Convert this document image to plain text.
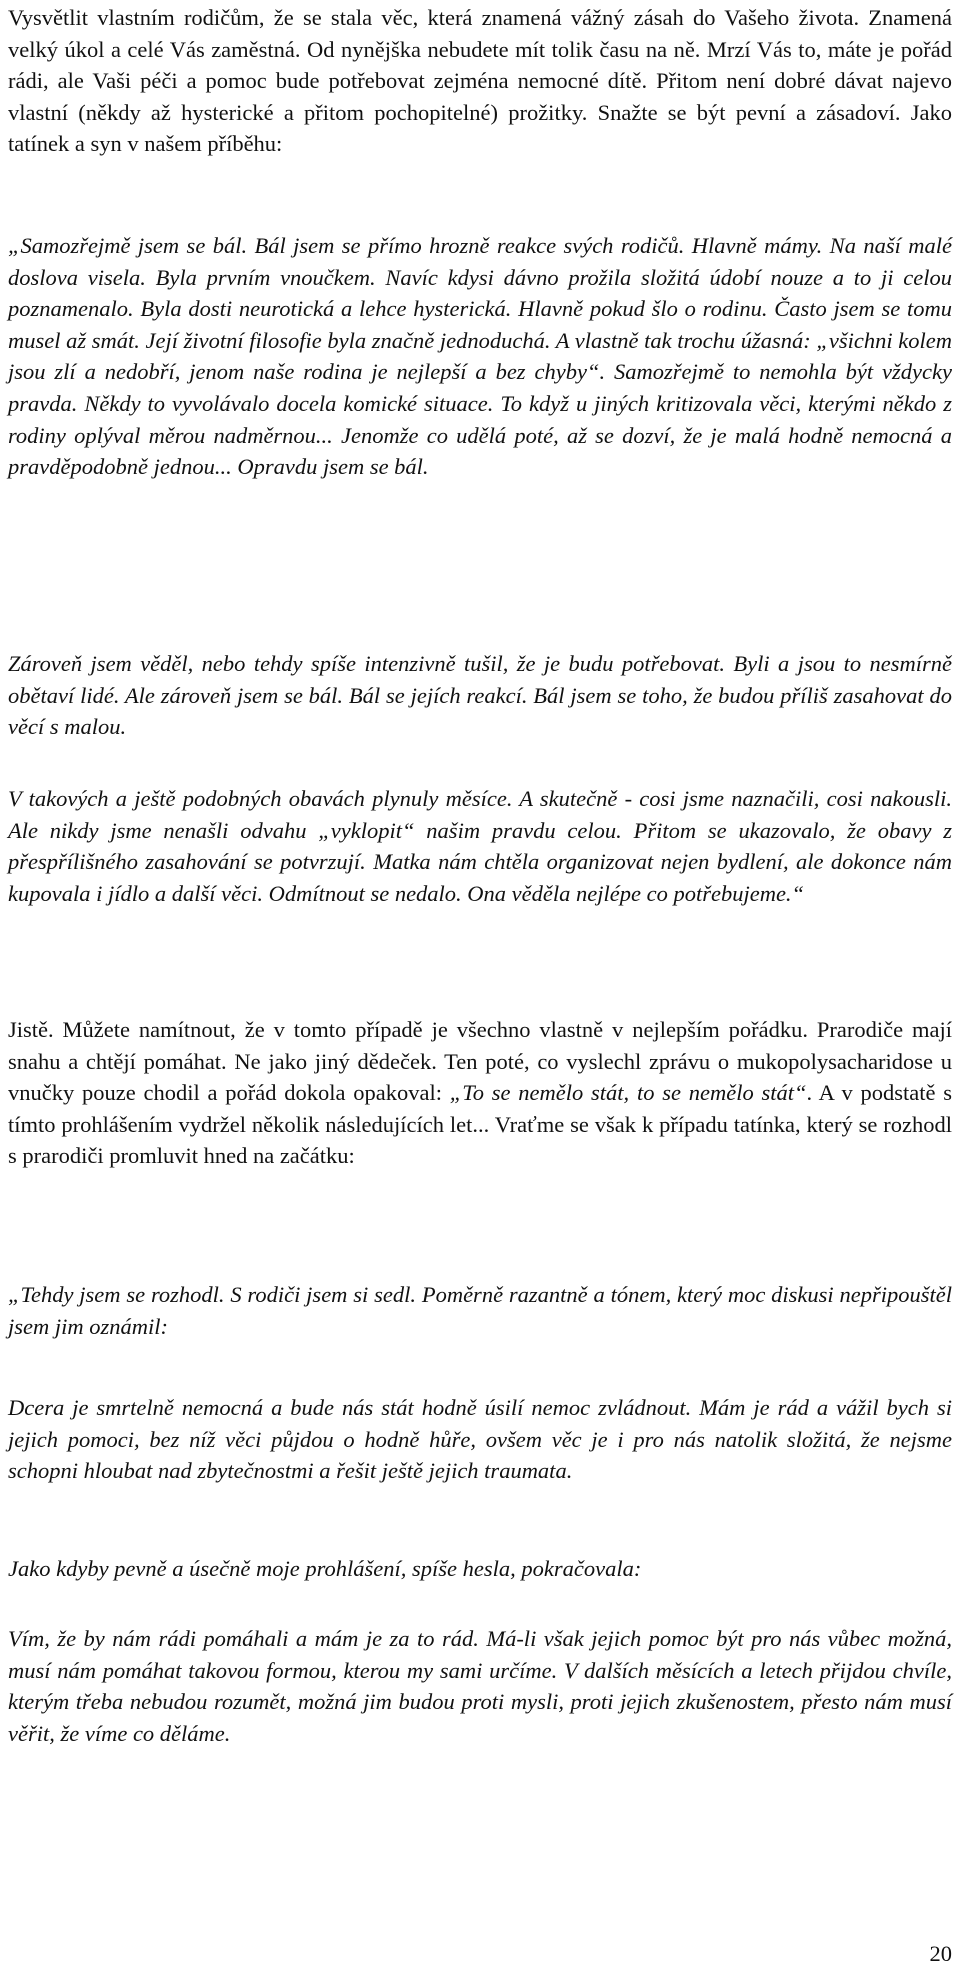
Vysvětlit vlastním rodičům, že se stala věc, která znamená vážný zásah do Vašeho života. Znamená velký úkol a celé Vás zaměstná. Od nynějška nebudete mít tolik času na ně. Mrzí Vás to, máte je pořád rádi, ale Vaši péči a pomoc bude potřebovat zejména nemocné dítě. Přitom není dobré dávat najevo vlastní (někdy až hysterické a přitom pochopitelné) prožitky. Snažte se být pevní a zásadoví. Jako tatínek a syn v našem příběhu:

„Samozřejmě jsem se bál. Bál jsem se přímo hrozně reakce svých rodičů. Hlavně mámy. Na naší malé doslova visela. Byla prvním vnoučkem. Navíc kdysi dávno prožila složitá údobí nouze a to ji celou poznamenalo. Byla dosti neurotická a lehce hysterická. Hlavně pokud šlo o rodinu. Často jsem se tomu musel až smát. Její životní filosofie byla značně jednoduchá. A vlastně tak trochu úžasná: „všichni kolem jsou zlí a nedobří, jenom naše rodina je nejlepší a bez chyby“. Samozřejmě to nemohla být vždycky pravda. Někdy to vyvolávalo docela komické situace. To když u jiných kritizovala věci, kterými někdo z rodiny oplýval měrou nadměrnou... Jenomže co udělá poté, až se dozví, že je malá hodně nemocná a pravděpodobně jednou... Opravdu jsem se bál.

Zároveň jsem věděl, nebo tehdy spíše intenzivně tušil, že je budu potřebovat. Byli a jsou to nesmírně obětaví lidé. Ale zároveň jsem se bál. Bál se jejích reakcí. Bál jsem se toho, že budou příliš zasahovat do věcí s malou.

V takových a ještě podobných obavách plynuly měsíce. A skutečně - cosi jsme naznačili, cosi nakousli. Ale nikdy jsme nenašli odvahu „vyklopit“ našim pravdu celou. Přitom se ukazovalo, že obavy z přespřílišného zasahování se potvrzují. Matka nám chtěla organizovat nejen bydlení, ale dokonce nám kupovala i jídlo a další věci. Odmítnout se nedalo. Ona věděla nejlépe co potřebujeme.“

Jistě. Můžete namítnout, že v tomto případě je všechno vlastně v nejlepším pořádku. Prarodiče mají snahu a chtějí pomáhat. Ne jako jiný dědeček. Ten poté, co vyslechl zprávu o mukopolysacharidose u vnučky pouze chodil a pořád dokola opakoval: „To se nemělo stát, to se nemělo stát“. A v podstatě s tímto prohlášením vydržel několik následujících let... Vraťme se však k případu tatínka, který se rozhodl s prarodiči promluvit hned na začátku:

„Tehdy jsem se rozhodl. S rodiči jsem si sedl. Poměrně razantně a tónem, který moc diskusi nepřipouštěl jsem jim oznámil:

Dcera je smrtelně nemocná a bude nás stát hodně úsilí nemoc zvládnout. Mám je rád a vážil bych si jejich pomoci, bez níž věci půjdou o hodně hůře, ovšem věc je i pro nás natolik složitá, že nejsme schopni hloubat nad zbytečnostmi a řešit ještě jejich traumata.

Jako kdyby pevně a úsečně moje prohlášení, spíše hesla, pokračovala:

Vím, že by nám rádi pomáhali a mám je za to rád. Má-li však jejich pomoc být pro nás vůbec možná, musí nám pomáhat takovou formou, kterou my sami určíme. V dalších měsících a letech přijdou chvíle, kterým třeba nebudou rozumět, možná jim budou proti mysli, proti jejich zkušenostem, přesto nám musí věřit, že víme co děláme.

20
